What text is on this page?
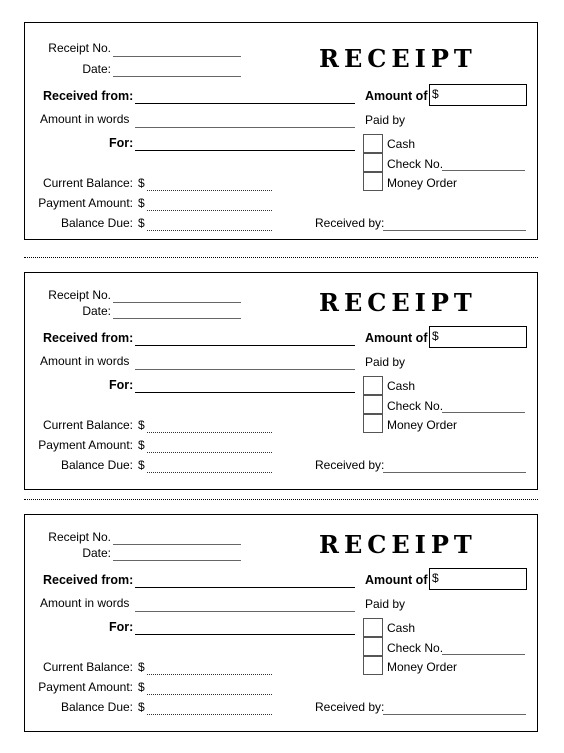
Receipt No.
Date:	RECEIPT
Received from:	Amount of $
Amount in words	Paid by
For:	Cash
Check No.
Money Order
Current Balance: $
Payment Amount: $
Balance Due: $	Received by:
Receipt No.
Date:	RECEIPT
Received from:	Amount of $
Amount in words	Paid by
For:	Cash
Check No.
Money Order
Current Balance: $
Payment Amount: $
Balance Due: $	Received by:
Receipt No.
Date:	RECEIPT
Received from:	Amount of $
Amount in words	Paid by
For:	Cash
Check No.
Money Order
Current Balance: $
Payment Amount: $
Balance Due: $	Received by:
